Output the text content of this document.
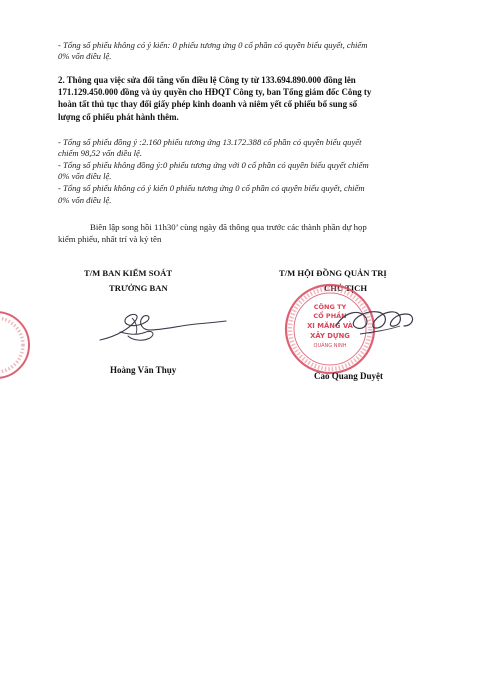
- Tổng số phiếu không có ý kiến: 0 phiếu tương ứng 0 cổ phần có quyền biểu quyết, chiếm
0% vốn điều lệ.
2. Thông qua việc sửa đổi tăng vốn điều lệ Công ty từ 133.694.890.000 đồng lên
171.129.450.000 đồng và ủy quyền cho HĐQT Công ty, ban Tổng giám đốc Công ty
hoàn tất thủ tục thay đổi giấy phép kinh doanh và niêm yết cổ phiếu bổ sung số
lượng cổ phiếu phát hành thêm.
- Tổng số phiếu đồng ý :2.160 phiếu tương ứng 13.172.388 cổ phần có quyền biểu quyết
chiếm 98,52 vốn điều lệ.
- Tổng số phiếu không đồng ý:0 phiếu tương ứng với 0 cổ phần có quyền biểu quyết chiếm
0% vốn điều lệ.
- Tổng số phiếu không có ý kiến 0 phiếu tương ứng 0 cổ phần có quyền biểu quyết, chiếm
0% vốn điều lệ.
Biên lập song hồi 11h30’ cùng ngày đã thông qua trước các thành phần dự họp
kiểm phiếu, nhất trí và ký tên
T/M BAN KIỂM SOÁT
TRƯỞNG BAN
Hoàng Văn Thụy
T/M HỘI ĐỒNG QUẢN TRỊ
CHỦ TỊCH
CÔNG TY
CỔ PHẦN
XI MĂNG VÀ
XÂY DỰNG
QUẢNG NINH
Cao Quang Duyệt
